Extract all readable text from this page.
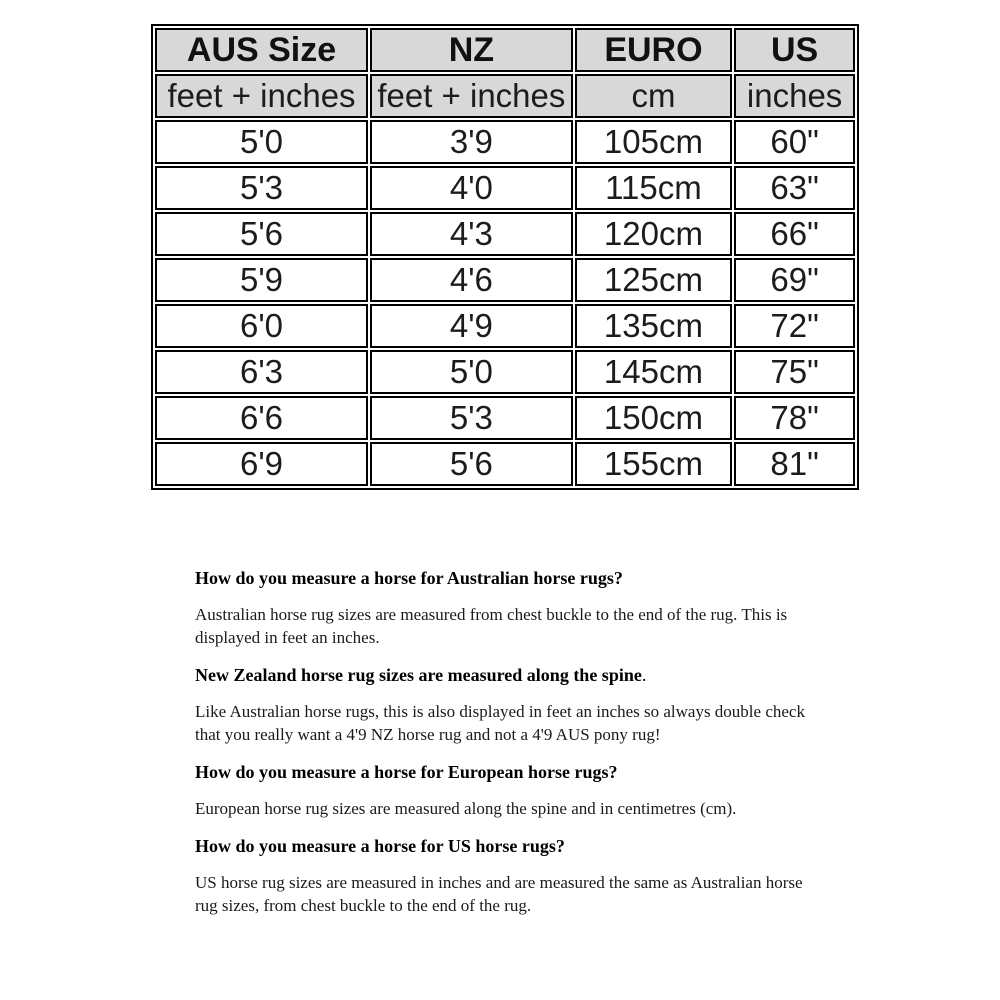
AUS Size	NZ	EURO	US
feet + inches	feet + inches	cm	inches
5'0	3'9	105cm	60"
5'3	4'0	115cm	63"
5'6	4'3	120cm	66"
5'9	4'6	125cm	69"
6'0	4'9	135cm	72"
6'3	5'0	145cm	75"
6'6	5'3	150cm	78"
6'9	5'6	155cm	81"
How do you measure a horse for Australian horse rugs?
Australian horse rug sizes are measured from chest buckle to the end of the rug. This is displayed in feet an inches.
New Zealand horse rug sizes are measured along the spine.
Like Australian horse rugs, this is also displayed in feet an inches so always double check that you really want a 4'9 NZ horse rug and not a 4'9 AUS pony rug!
How do you measure a horse for European horse rugs?
European horse rug sizes are measured along the spine and in centimetres (cm).
How do you measure a horse for US horse rugs?
US horse rug sizes are measured in inches and are measured the same as Australian horse rug sizes, from chest buckle to the end of the rug.
